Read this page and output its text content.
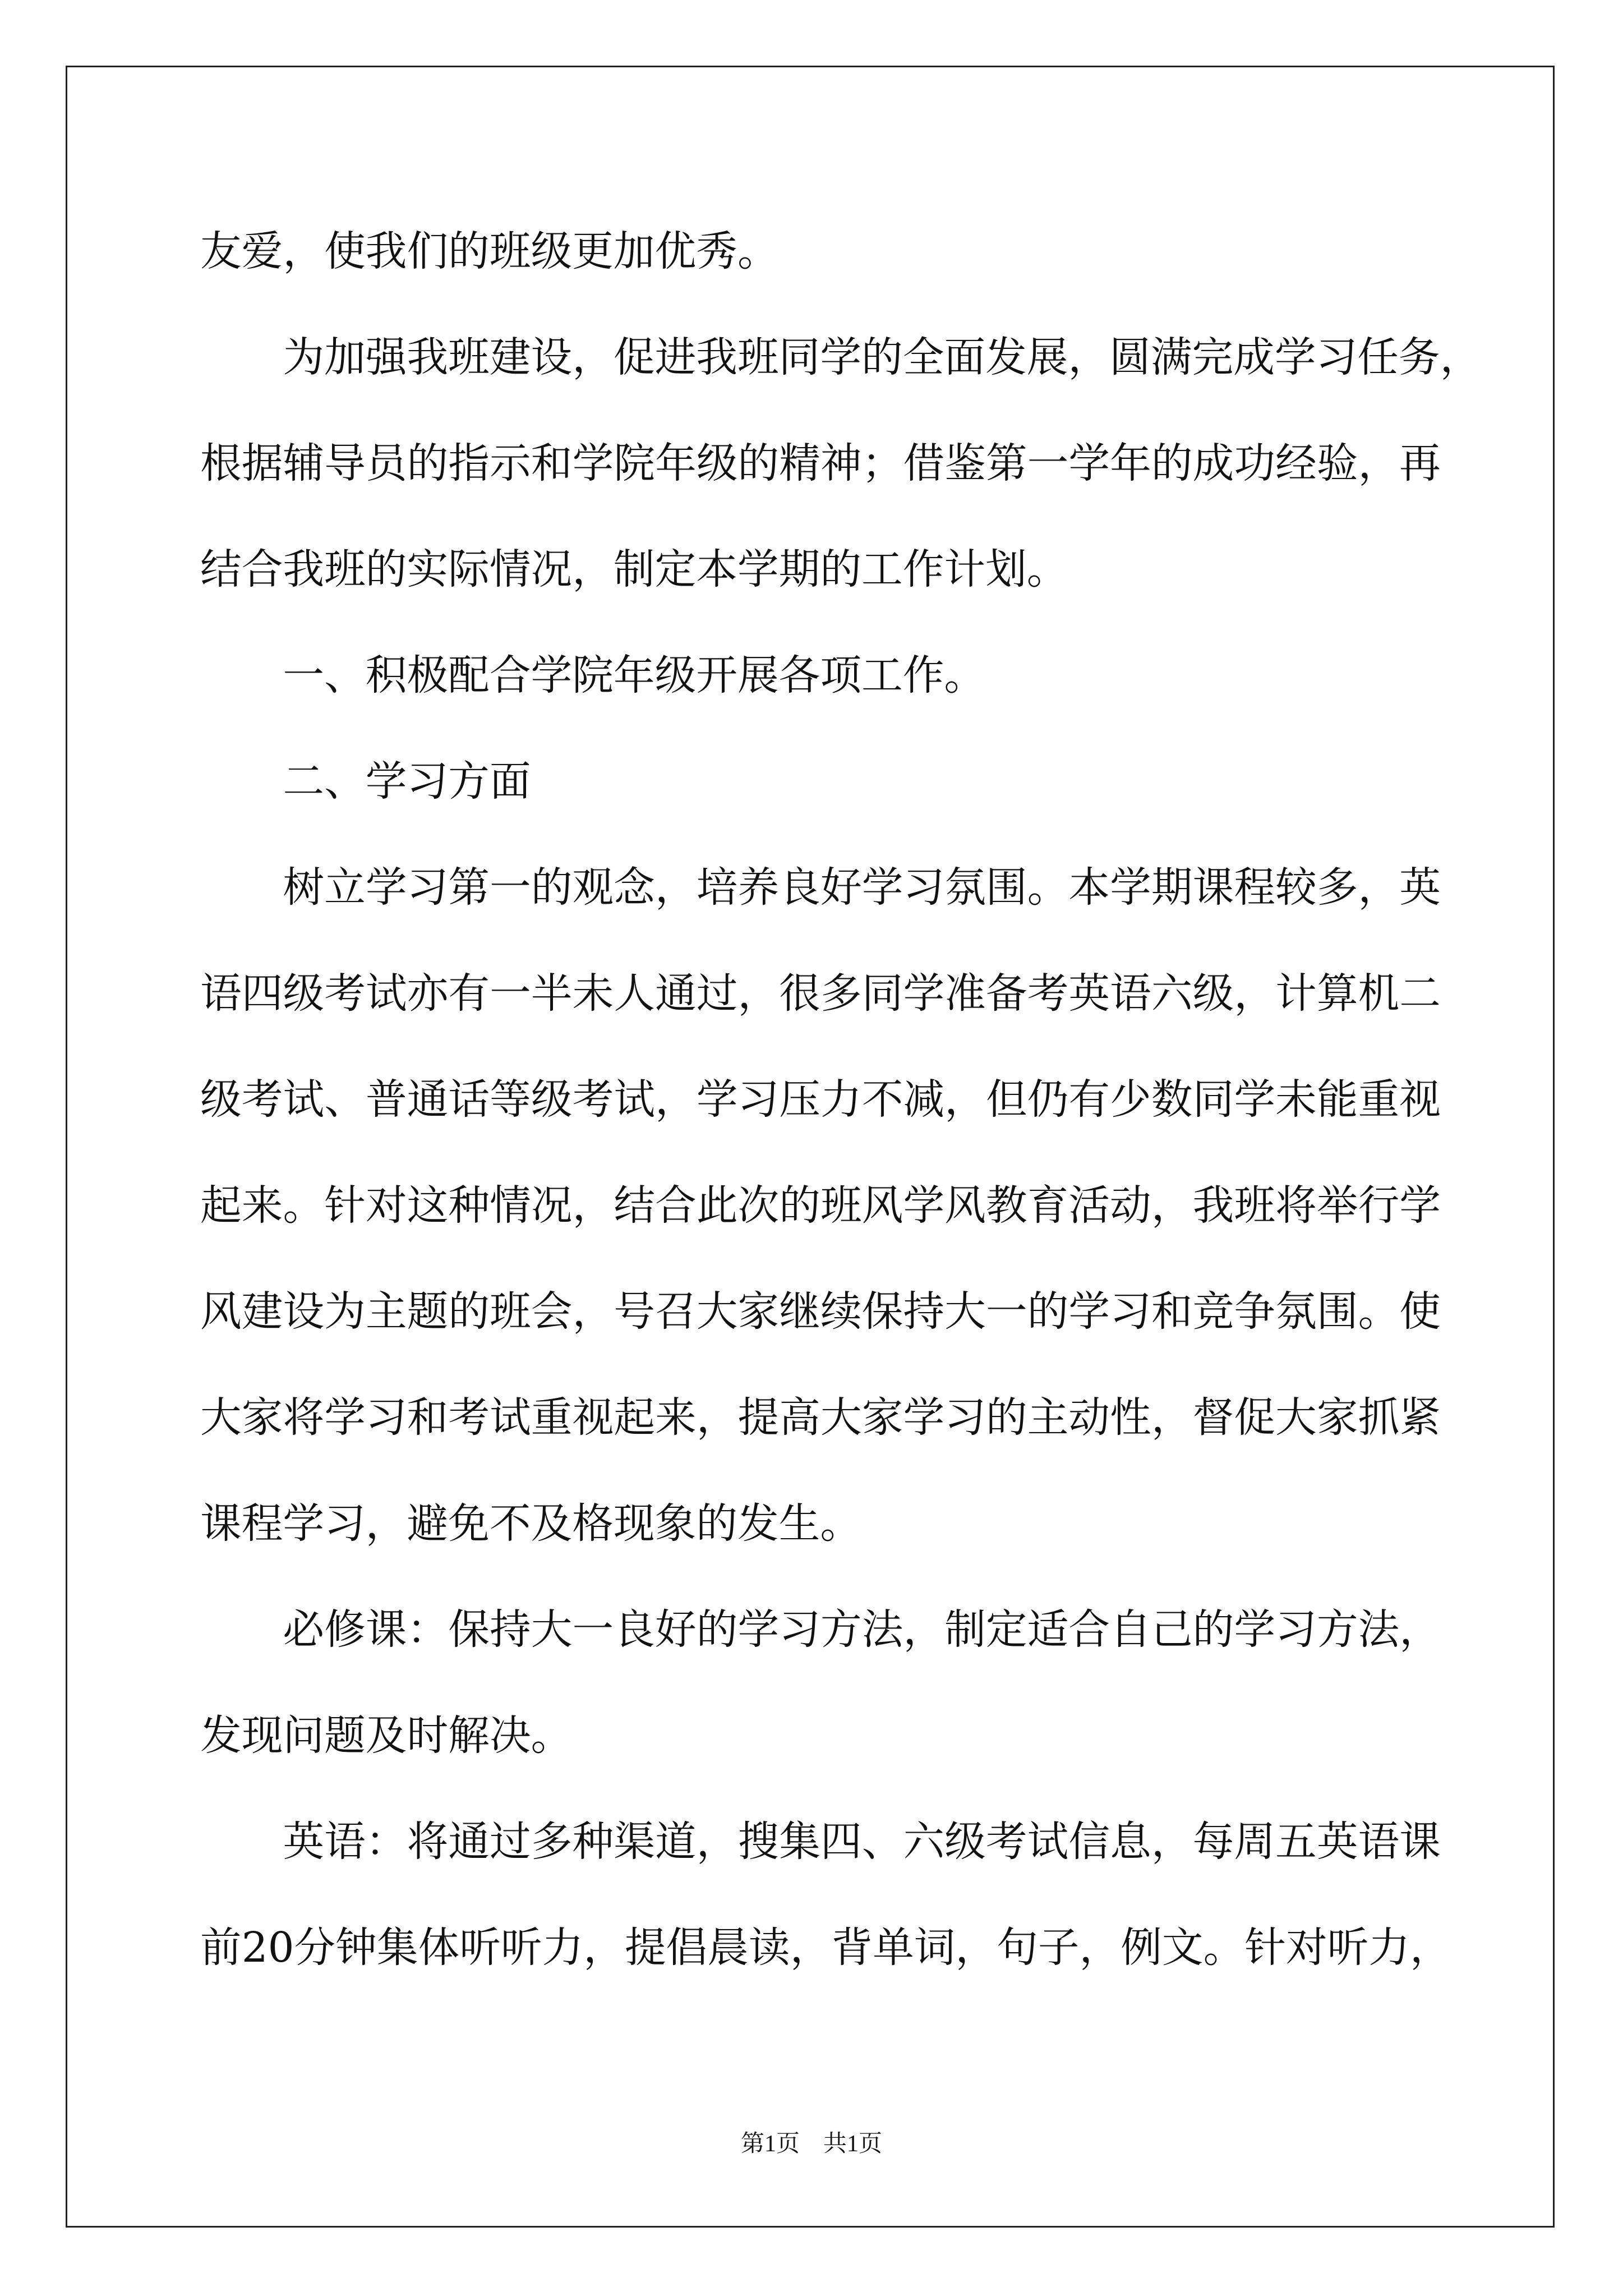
友爱，使我们的班级更加优秀。
为加强我班建设，促进我班同学的全面发展，圆满完成学习任务，
根据辅导员的指示和学院年级的精神；借鉴第一学年的成功经验，再
结合我班的实际情况，制定本学期的工作计划。
一、积极配合学院年级开展各项工作。
二、学习方面
树立学习第一的观念，培养良好学习氛围。本学期课程较多，英
语四级考试亦有一半未人通过，很多同学准备考英语六级，计算机二
级考试、普通话等级考试，学习压力不减，但仍有少数同学未能重视
起来。针对这种情况，结合此次的班风学风教育活动，我班将举行学
风建设为主题的班会，号召大家继续保持大一的学习和竞争氛围。使
大家将学习和考试重视起来，提高大家学习的主动性，督促大家抓紧
课程学习，避免不及格现象的发生。
必修课：保持大一良好的学习方法，制定适合自己的学习方法，
发现问题及时解决。
英语：将通过多种渠道，搜集四、六级考试信息，每周五英语课
前20分钟集体听听力，提倡晨读，背单词，句子，例文。针对听力，
第1页　共1页
